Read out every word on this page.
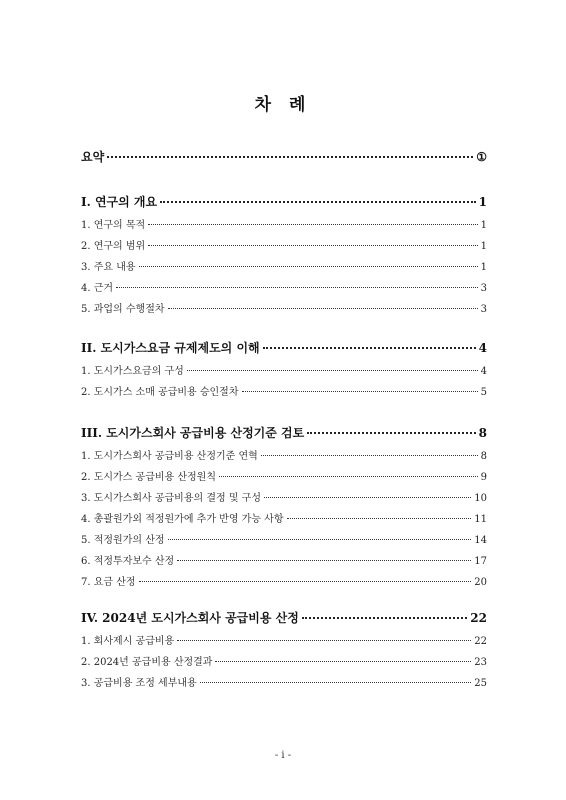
차 례
요약	①
I. 연구의 개요	1
1. 연구의 목적	1
2. 연구의 범위	1
3. 주요 내용	1
4. 근거	3
5. 과업의 수행절차	3
II. 도시가스요금 규제제도의 이해	4
1. 도시가스요금의 구성	4
2. 도시가스 소매 공급비용 승인절차	5
III. 도시가스회사 공급비용 산정기준 검토	8
1. 도시가스회사 공급비용 산정기준 연혁	8
2. 도시가스 공급비용 산정원칙	9
3. 도시가스회사 공급비용의 결정 및 구성	10
4. 총괄원가외 적정원가에 추가 반영 가능 사항	11
5. 적정원가의 산정	14
6. 적정투자보수 산정	17
7. 요금 산정	20
IV. 2024년 도시가스회사 공급비용 산정	22
1. 회사제시 공급비용	22
2. 2024년 공급비용 산정결과	23
3. 공급비용 조정 세부내용	25
- i -
